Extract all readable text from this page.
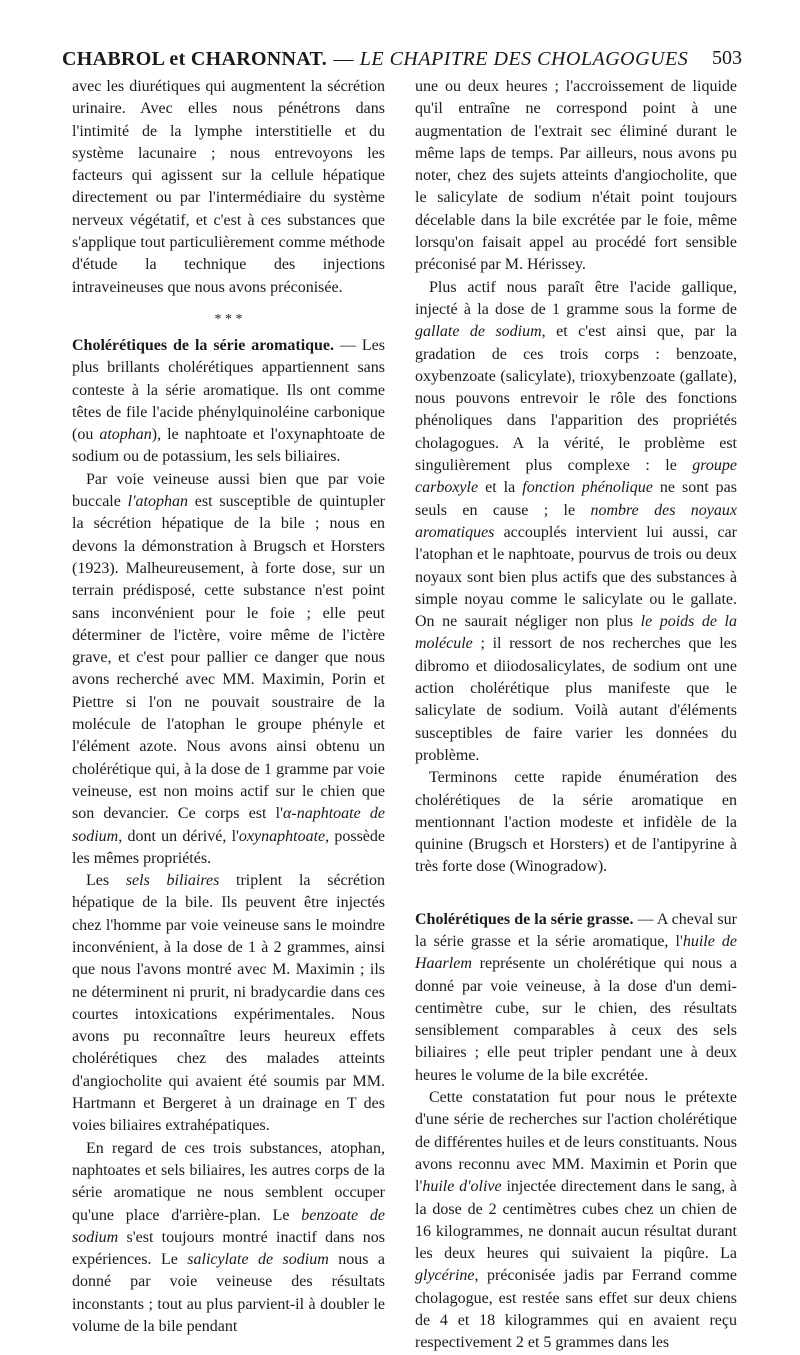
CHABROL et CHARONNAT. — LE CHAPITRE DES CHOLAGOGUES 503

avec les diurétiques qui augmentent la sécrétion urinaire. Avec elles nous pénétrons dans l'intimité de la lymphe interstitielle et du système lacunaire ; nous entrevoyons les facteurs qui agissent sur la cellule hépatique directement ou par l'intermédiaire du système nerveux végétatif, et c'est à ces substances que s'applique tout particulièrement comme méthode d'étude la technique des injections intraveineuses que nous avons préconisée.

* * *

Cholérétiques de la série aromatique. — Les plus brillants cholérétiques appartiennent sans conteste à la série aromatique. Ils ont comme têtes de file l'acide phénylquinoléine carbonique (ou atophan), le naphtoate et l'oxynaphtoate de sodium ou de potassium, les sels biliaires.

Par voie veineuse aussi bien que par voie buccale l'atophan est susceptible de quintupler la sécrétion hépatique de la bile ; nous en devons la démonstration à Brugsch et Horsters (1923). Malheureusement, à forte dose, sur un terrain prédisposé, cette substance n'est point sans inconvénient pour le foie ; elle peut déterminer de l'ictère, voire même de l'ictère grave, et c'est pour pallier ce danger que nous avons recherché avec MM. Maximin, Porin et Piettre si l'on ne pouvait soustraire de la molécule de l'atophan le groupe phényle et l'élément azote. Nous avons ainsi obtenu un cholérétique qui, à la dose de 1 gramme par voie veineuse, est non moins actif sur le chien que son devancier. Ce corps est l'α-naphtoate de sodium, dont un dérivé, l'oxynaphtoate, possède les mêmes propriétés.

Les sels biliaires triplent la sécrétion hépatique de la bile. Ils peuvent être injectés chez l'homme par voie veineuse sans le moindre inconvénient, à la dose de 1 à 2 grammes, ainsi que nous l'avons montré avec M. Maximin ; ils ne déterminent ni prurit, ni bradycardie dans ces courtes intoxications expérimentales. Nous avons pu reconnaître leurs heureux effets cholérétiques chez des malades atteints d'angiocholite qui avaient été soumis par MM. Hartmann et Bergeret à un drainage en T des voies biliaires extrahépatiques.

En regard de ces trois substances, atophan, naphtoates et sels biliaires, les autres corps de la série aromatique ne nous semblent occuper qu'une place d'arrière-plan. Le benzoate de sodium s'est toujours montré inactif dans nos expériences. Le salicylate de sodium nous a donné par voie veineuse des résultats inconstants ; tout au plus parvient-il à doubler le volume de la bile pendant

une ou deux heures ; l'accroissement de liquide qu'il entraîne ne correspond point à une augmentation de l'extrait sec éliminé durant le même laps de temps. Par ailleurs, nous avons pu noter, chez des sujets atteints d'angiocholite, que le salicylate de sodium n'était point toujours décelable dans la bile excrétée par le foie, même lorsqu'on faisait appel au procédé fort sensible préconisé par M. Hérissey.

Plus actif nous paraît être l'acide gallique, injecté à la dose de 1 gramme sous la forme de gallate de sodium, et c'est ainsi que, par la gradation de ces trois corps : benzoate, oxybenzoate (salicylate), trioxybenzoate (gallate), nous pouvons entrevoir le rôle des fonctions phénoliques dans l'apparition des propriétés cholagogues. A la vérité, le problème est singulièrement plus complexe : le groupe carboxyle et la fonction phénolique ne sont pas seuls en cause ; le nombre des noyaux aromatiques accouplés intervient lui aussi, car l'atophan et le naphtoate, pourvus de trois ou deux noyaux sont bien plus actifs que des substances à simple noyau comme le salicylate ou le gallate. On ne saurait négliger non plus le poids de la molécule ; il ressort de nos recherches que les dibromo et diiodosalicylates, de sodium ont une action cholérétique plus manifeste que le salicylate de sodium. Voilà autant d'éléments susceptibles de faire varier les données du problème.

Terminons cette rapide énumération des cholérétiques de la série aromatique en mentionnant l'action modeste et infidèle de la quinine (Brugsch et Horsters) et de l'antipyrine à très forte dose (Winogradow).

Cholérétiques de la série grasse. — A cheval sur la série grasse et la série aromatique, l'huile de Haarlem représente un cholérétique qui nous a donné par voie veineuse, à la dose d'un demi-centimètre cube, sur le chien, des résultats sensiblement comparables à ceux des sels biliaires ; elle peut tripler pendant une à deux heures le volume de la bile excrétée.

Cette constatation fut pour nous le prétexte d'une série de recherches sur l'action cholérétique de différentes huiles et de leurs constituants. Nous avons reconnu avec MM. Maximin et Porin que l'huile d'olive injectée directement dans le sang, à la dose de 2 centimètres cubes chez un chien de 16 kilogrammes, ne donnait aucun résultat durant les deux heures qui suivaient la piqûre. La glycérine, préconisée jadis par Ferrand comme cholagogue, est restée sans effet sur deux chiens de 4 et 18 kilogrammes qui en avaient reçu respectivement 2 et 5 grammes dans les
